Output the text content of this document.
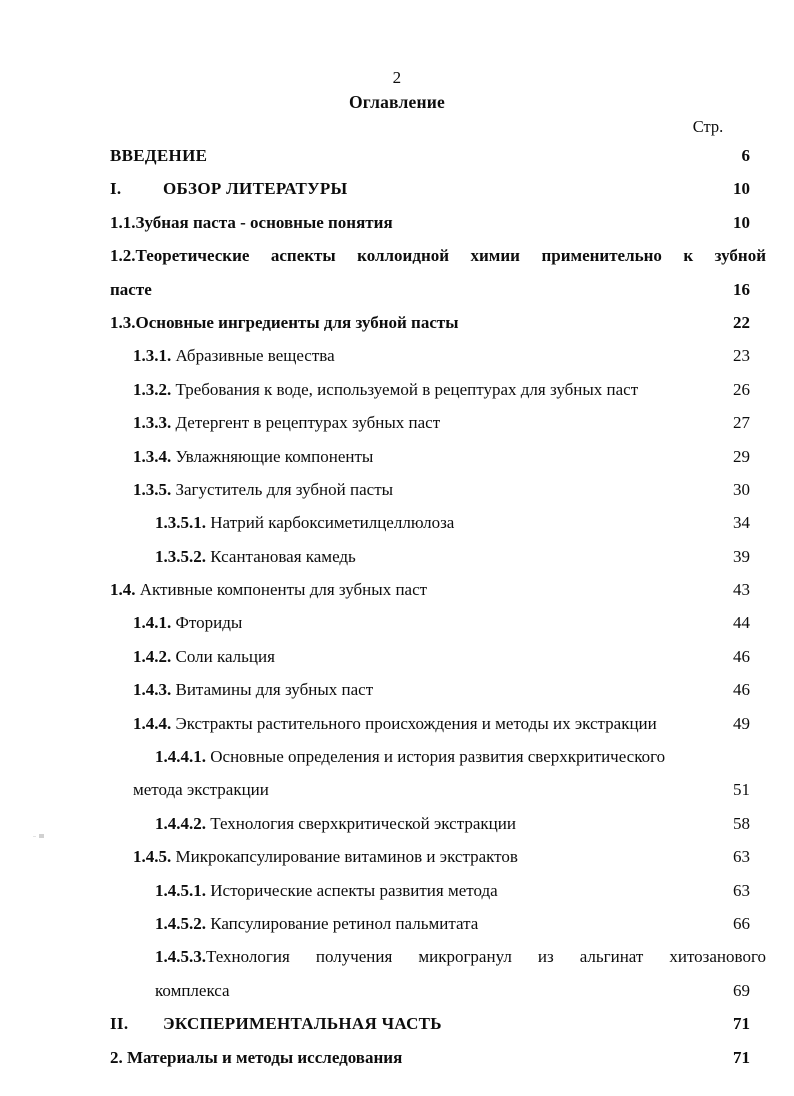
2
Оглавление
Стр.
ВВЕДЕНИЕ	6
I. ОБЗОР ЛИТЕРАТУРЫ	10
1.1.Зубная паста - основные понятия	10
1.2.Теоретические аспекты коллоидной химии применительно к зубной
пасте	16
1.3.Основные ингредиенты для зубной пасты	22
1.3.1. Абразивные вещества	23
1.3.2. Требования к воде, используемой в рецептурах для зубных паст	26
1.3.3. Детергент в рецептурах зубных паст	27
1.3.4. Увлажняющие компоненты	29
1.3.5. Загуститель для зубной пасты	30
1.3.5.1. Натрий карбоксиметилцеллюлоза	34
1.3.5.2. Ксантановая камедь	39
1.4. Активные компоненты для зубных паст	43
1.4.1. Фториды	44
1.4.2. Соли кальция	46
1.4.3. Витамины для зубных паст	46
1.4.4. Экстракты растительного происхождения и методы их экстракции	49
1.4.4.1. Основные определения и история развития сверхкритического
метода экстракции	51
1.4.4.2. Технология сверхкритической экстракции	58
1.4.5. Микрокапсулирование витаминов и экстрактов	63
1.4.5.1. Исторические аспекты развития метода	63
1.4.5.2. Капсулирование ретинол пальмитата	66
1.4.5.3.Технология получения микрогранул из альгинат хитозанового
комплекса	69
II. ЭКСПЕРИМЕНТАЛЬНАЯ ЧАСТЬ	71
2. Материалы и методы исследования	71
